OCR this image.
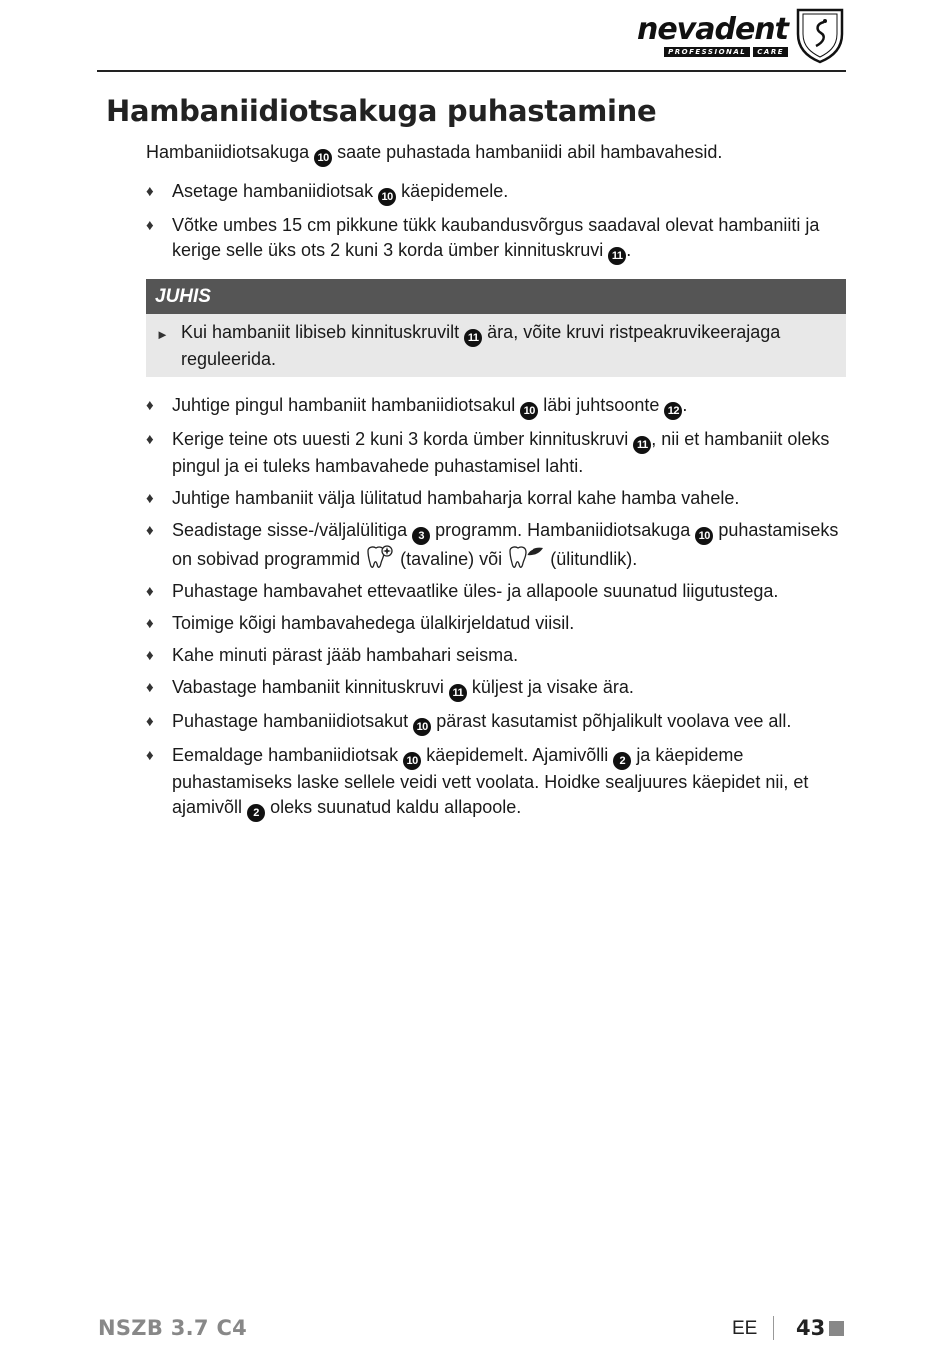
nevadent
PROFESSIONAL	CARE
Hambaniidiotsakuga puhastamine

Hambaniidiotsakuga 10 saate puhastada hambaniidi abil hambavahesid.

♦ Asetage hambaniidiotsak 10 käepidemele.
♦ Võtke umbes 15 cm pikkune tükk kaubandusvõrgus saadaval olevat hambaniiti ja kerige selle üks ots 2 kuni 3 korda ümber kinnituskruvi 11 .
JUHIS
► Kui hambaniit libiseb kinnituskruvilt 11 ära, võite kruvi ristpeakruvikeerajaga reguleerida.
♦ Juhtige pingul hambaniit hambaniidiotsakul 10 läbi juhtsoonte 12 .
♦ Kerige teine ots uuesti 2 kuni 3 korda ümber kinnituskruvi 11 , nii et hambaniit oleks pingul ja ei tuleks hambavahede puhastamisel lahti.
♦ Juhtige hambaniit välja lülitatud hambaharja korral kahe hamba vahele.
♦ Seadistage sisse-/väljalülitiga 3 programm. Hambaniidiotsakuga 10 puhastamiseks on sobivad programmid (tavaline) või	(ülitundlik).
♦ Puhastage hambavahet ettevaatlike üles- ja allapoole suunatud liigutustega.
♦ Toimige kõigi hambavahedega ülalkirjeldatud viisil.
♦ Kahe minuti pärast jääb hambahari seisma.
♦ Vabastage hambaniit kinnituskruvi 11 küljest ja visake ära.
♦ Puhastage hambaniidiotsakut 10 pärast kasutamist põhjalikult voolava vee all.
♦ Eemaldage hambaniidiotsak 10 käepidemelt. Ajamivõlli 2 ja käepideme puhastamiseks laske sellele veidi vett voolata. Hoidke sealjuures käepidet nii, et ajamivõll 2 oleks suunatud kaldu allapoole.
NSZB 3.7 C4	EE 43
